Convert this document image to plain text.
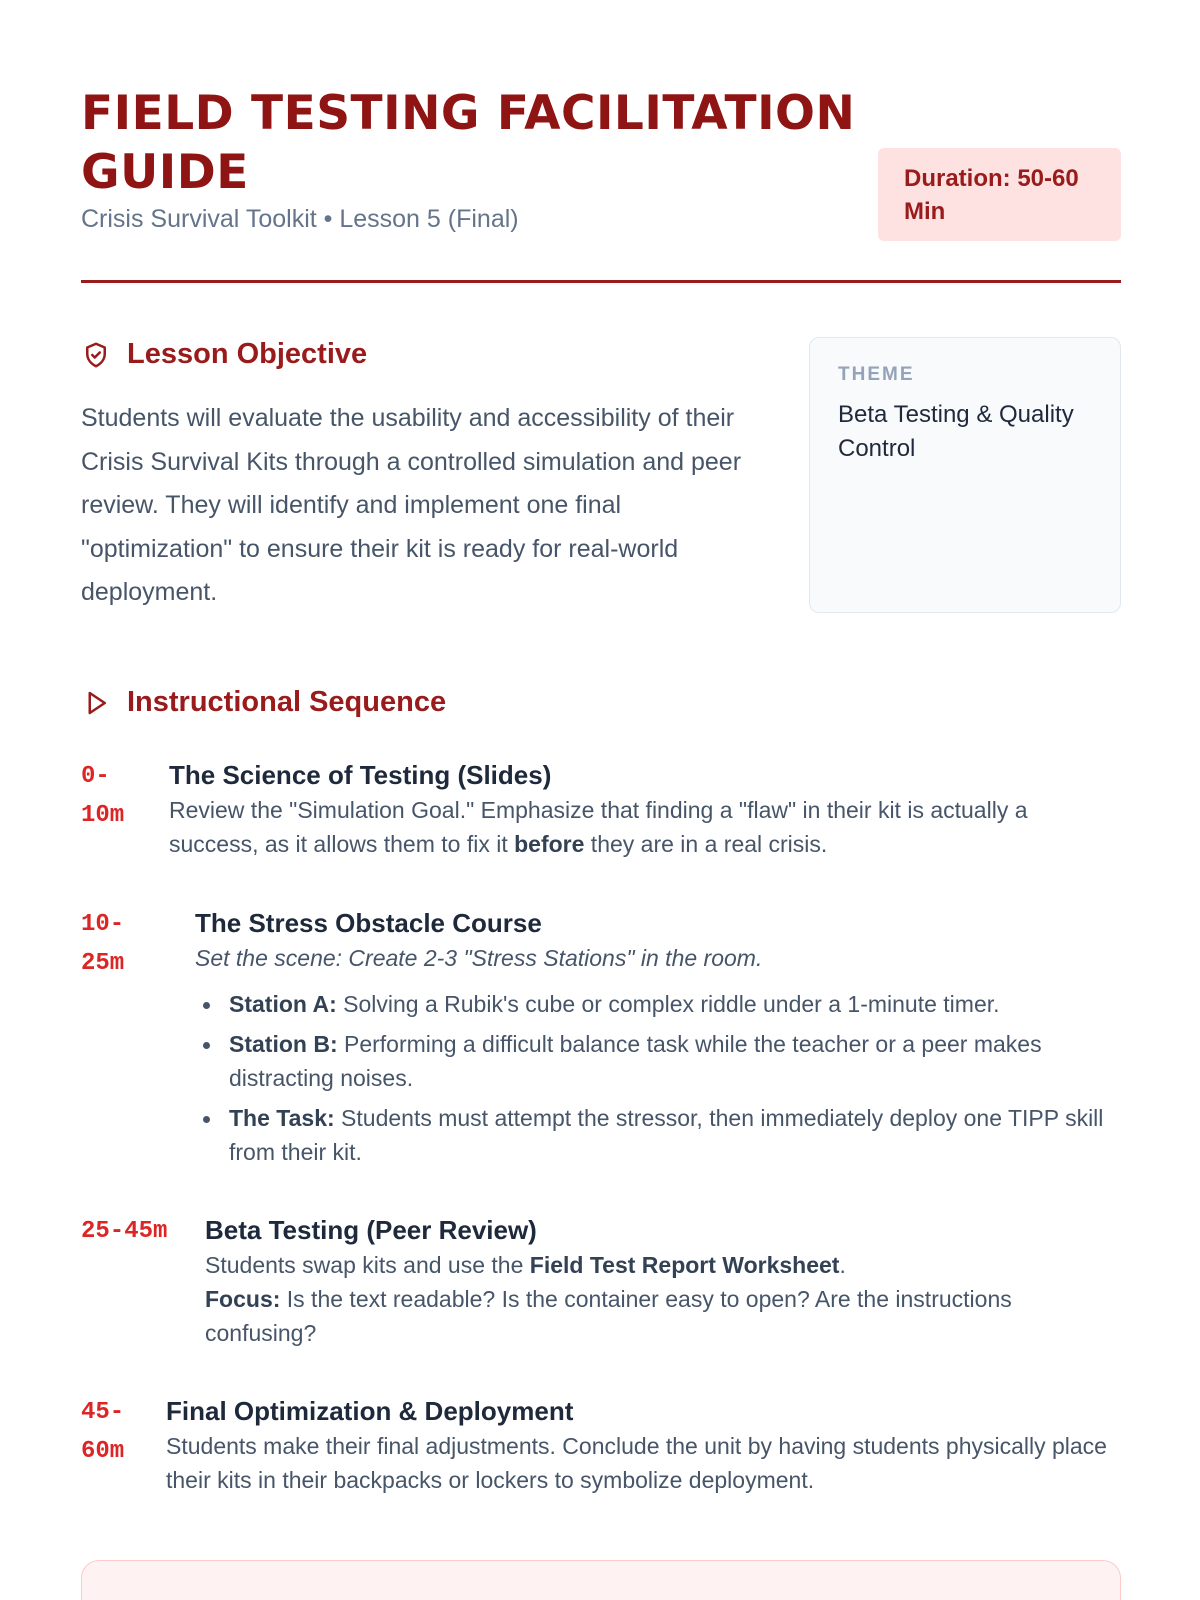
FIELD TESTING FACILITATION GUIDE
Crisis Survival Toolkit • Lesson 5 (Final)
Duration: 50-60 Min
Lesson Objective

Students will evaluate the usability and accessibility of their Crisis Survival Kits through a controlled simulation and peer review. They will identify and implement one final "optimization" to ensure their kit is ready for real-world deployment.

THEME
Beta Testing & Quality Control
Instructional Sequence
0-10m
The Science of Testing (Slides)

Review the "Simulation Goal." Emphasize that finding a "flaw" in their kit is actually a success, as it allows them to fix it before they are in a real crisis.

10-25m
The Stress Obstacle Course

Set the scene: Create 2-3 "Stress Stations" in the room.

Station A: Solving a Rubik's cube or complex riddle under a 1-minute timer.
Station B: Performing a difficult balance task while the teacher or a peer makes distracting noises.
The Task: Students must attempt the stressor, then immediately deploy one TIPP skill from their kit.
25-45m	Beta Testing (Peer Review)

Students swap kits and use the Field Test Report Worksheet.

Focus: Is the text readable? Is the container easy to open? Are the instructions confusing?

45-60m
Final Optimization & Deployment

Students make their final adjustments. Conclude the unit by having students physically place their kits in their backpacks or lockers to symbolize deployment.
